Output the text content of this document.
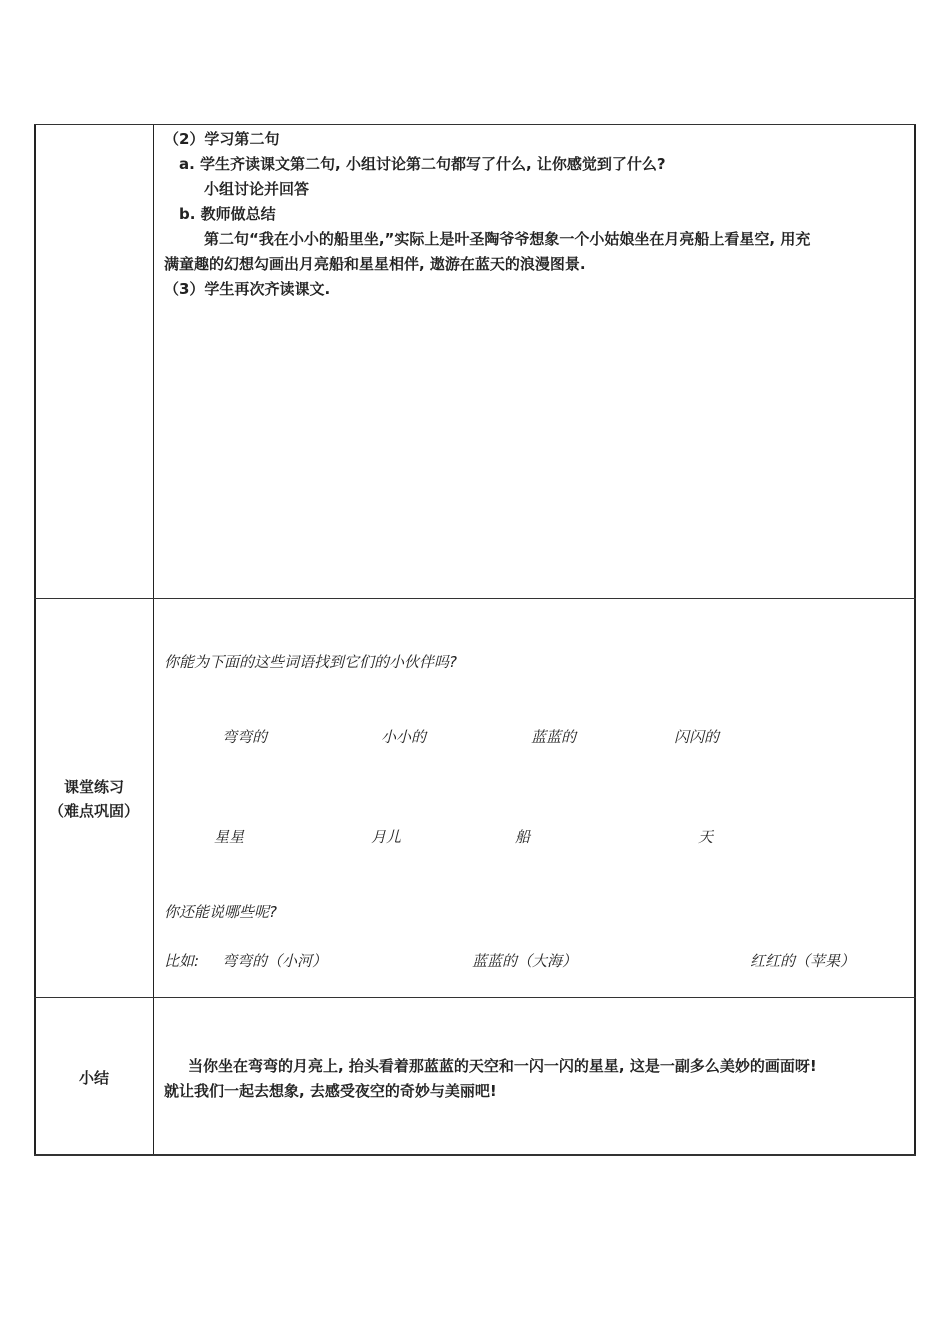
（2）学习第二句
a. 学生齐读课文第二句, 小组讨论第二句都写了什么, 让你感觉到了什么?
小组讨论并回答
b. 教师做总结
第二句“我在小小的船里坐,”实际上是叶圣陶爷爷想象一个小姑娘坐在月亮船上看星空, 用充
满童趣的幻想勾画出月亮船和星星相伴, 遨游在蓝天的浪漫图景.
（3）学生再次齐读课文.
课堂练习
（难点巩固）
你能为下面的这些词语找到它们的小伙伴吗?
弯弯的	小小的	蓝蓝的	闪闪的
星星	月儿	船	天
你还能说哪些呢?
比如: 弯弯的（小河）	蓝蓝的（大海）	红红的（苹果）
小结
当你坐在弯弯的月亮上, 抬头看着那蓝蓝的天空和一闪一闪的星星, 这是一副多么美妙的画面呀!
就让我们一起去想象, 去感受夜空的奇妙与美丽吧!
